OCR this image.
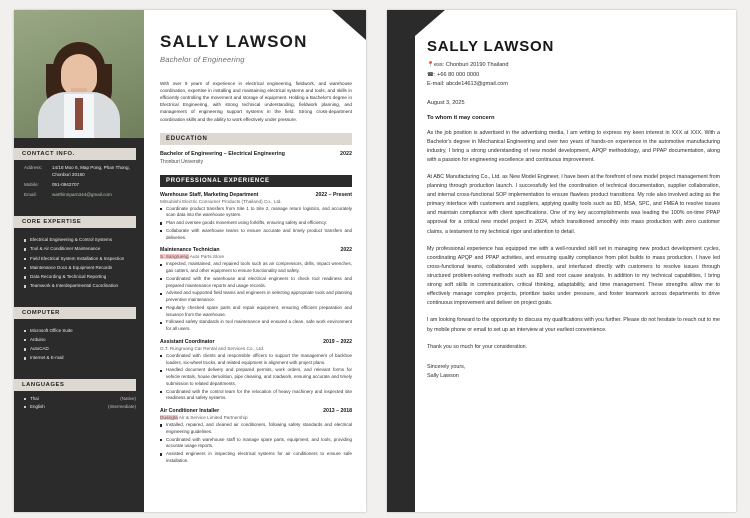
CONTACT INFO.
Address:	14/18 Moo 6, Map Pong, Phan Thong, Chonburi 20160
Mobile:	051-0942707
Email:	warthinnparn344@gmail.com
CORE EXPERTISE
Electrical Engineering & Control Systems
Tool & Air Conditioner Maintenance
Field Electrical System Installation & Inspection
Maintenance Docs & Equipment Records
Data Recording & Technical Reporting
Teamwork & Interdepartmental Coordination
COMPUTER
Microsoft Office Suite
Arduino
AutoCAD
Internet & E-mail
LANGUAGES
Thai	(Native)
English	(Intermediate)
SALLY LAWSON
Bachelor of Engineering
With over 9 years of experience in electrical engineering, fieldwork, and warehouse coordination, expertise in installing and maintaining electrical systems and tools, and skills in efficiently controlling the movement and storage of equipment. Holding a Bachelor's degree in Electrical Engineering, with strong technical understanding, fieldwork planning, and management of engineering support systems in the field. Strong cross-department coordination skills and the ability to work effectively under pressure.
EDUCATION
Bachelor of Engineering – Electrical Engineering	2022
Thonburi University
PROFESSIONAL EXPERIENCE
Warehouse Staff, Marketing Department	2022 – Present
Mitsubishi Electric Consumer Products (Thailand) Co., Ltd.
Coordinate product transfers from Site 1 to Site 2, manage return logistics, and accurately scan data into the warehouse system.
Plan and oversee goods movement using forklifts, ensuring safety and efficiency.
Collaborate with warehouse teams to ensure accurate and timely product transfers and deliveries.
Maintenance Technician	2022
S. Sangrueng Auto Parts Store
Inspected, maintained, and repaired tools such as air compressors, drills, impact wrenches, gas cutters, and other equipment to ensure functionality and safety.
Coordinated with the warehouse and electrical engineers to check tool readiness and prepared maintenance reports and usage records.
Advised and supported field teams and engineers in selecting appropriate tools and planning preventive maintenance.
Regularly checked spare parts and repair equipment, ensuring efficient preparation and issuance from the warehouse.
Followed safety standards in tool maintenance and ensured a clean, safe work environment for all users.
Assistant Coordinator	2019 – 2022
G.T. Rungruang Car Rental and Services Co., Ltd.
Coordinated with clients and responsible officers to support the management of backhoe loaders, six-wheel trucks, and related equipment in alignment with project plans.
Handled document delivery and prepared permits, work orders, and relevant forms for vehicle rentals, house demolition, pipe cleaning, and roadwork, ensuring accurate and timely submission to related departments.
Coordinated with the control team for the relocation of heavy machinery and inspected site readiness and safety systems.
Air Conditioner Installer	2013 – 2018
Duangta Air & Service Limited Partnership
Installed, repaired, and cleaned air conditioners, following safety standards and electrical engineering guidelines.
Coordinated with warehouse staff to manage spare parts, equipment, and tools, providing accurate usage reports.
Assisted engineers in inspecting electrical systems for air conditioners to ensure safe installation.
SALLY LAWSON
📍ess: Chonburi 20190 Thailand
☎: +66 80 000 0000
E-mail: abcde14613@gmail.com
August 3, 2025
To whom it may concern
As the job position is advertised in the advertising media, I am writing to express my keen interest in XXX at XXX. With a Bachelor's degree in Mechanical Engineering and over two years of hands-on experience in the automotive manufacturing industry, I bring a strong understanding of new model development, APQP methodology, and PPAP documentation, along with a passion for engineering excellence and continuous improvement.
At ABC Manufacturing Co., Ltd. as New Model Engineer, I have been at the forefront of new model project management from planning through production launch. I successfully led the coordination of technical documentation, supplier collaboration, and internal cross-functional SOP implementation to ensure flawless product transitions. My role also involved acting as the primary interface with customers and suppliers, applying quality tools such as 8D, MSA, SPC, and FMEA to resolve issues and maintain compliance with client specifications. One of my key accomplishments was leading the 100% on-time PPAP approval for a critical new model project in 2024, which transitioned smoothly into mass production with zero customer claims, a testament to my technical rigor and attention to detail.
My professional experience has equipped me with a well-rounded skill set in managing new product development cycles, coordinating APQP and PPAP activities, and ensuring quality compliance from pilot builds to mass production. I have led cross-functional teams, collaborated with suppliers, and interfaced directly with customers to resolve issues through structured problem-solving methods such as 8D and root cause analysis. In addition to my technical capabilities, I bring strong soft skills in communication, critical thinking, adaptability, and time management. These strengths allow me to effectively manage complex projects, prioritize tasks under pressure, and foster teamwork across departments to drive continuous improvement and deliver on project goals.
I am looking forward to the opportunity to discuss my qualifications with you further. Please do not hesitate to reach out to me by mobile phone or email to set up an interview at your earliest convenience.
Thank you so much for your consideration.
Sincerely yours,
Sally Lawson
